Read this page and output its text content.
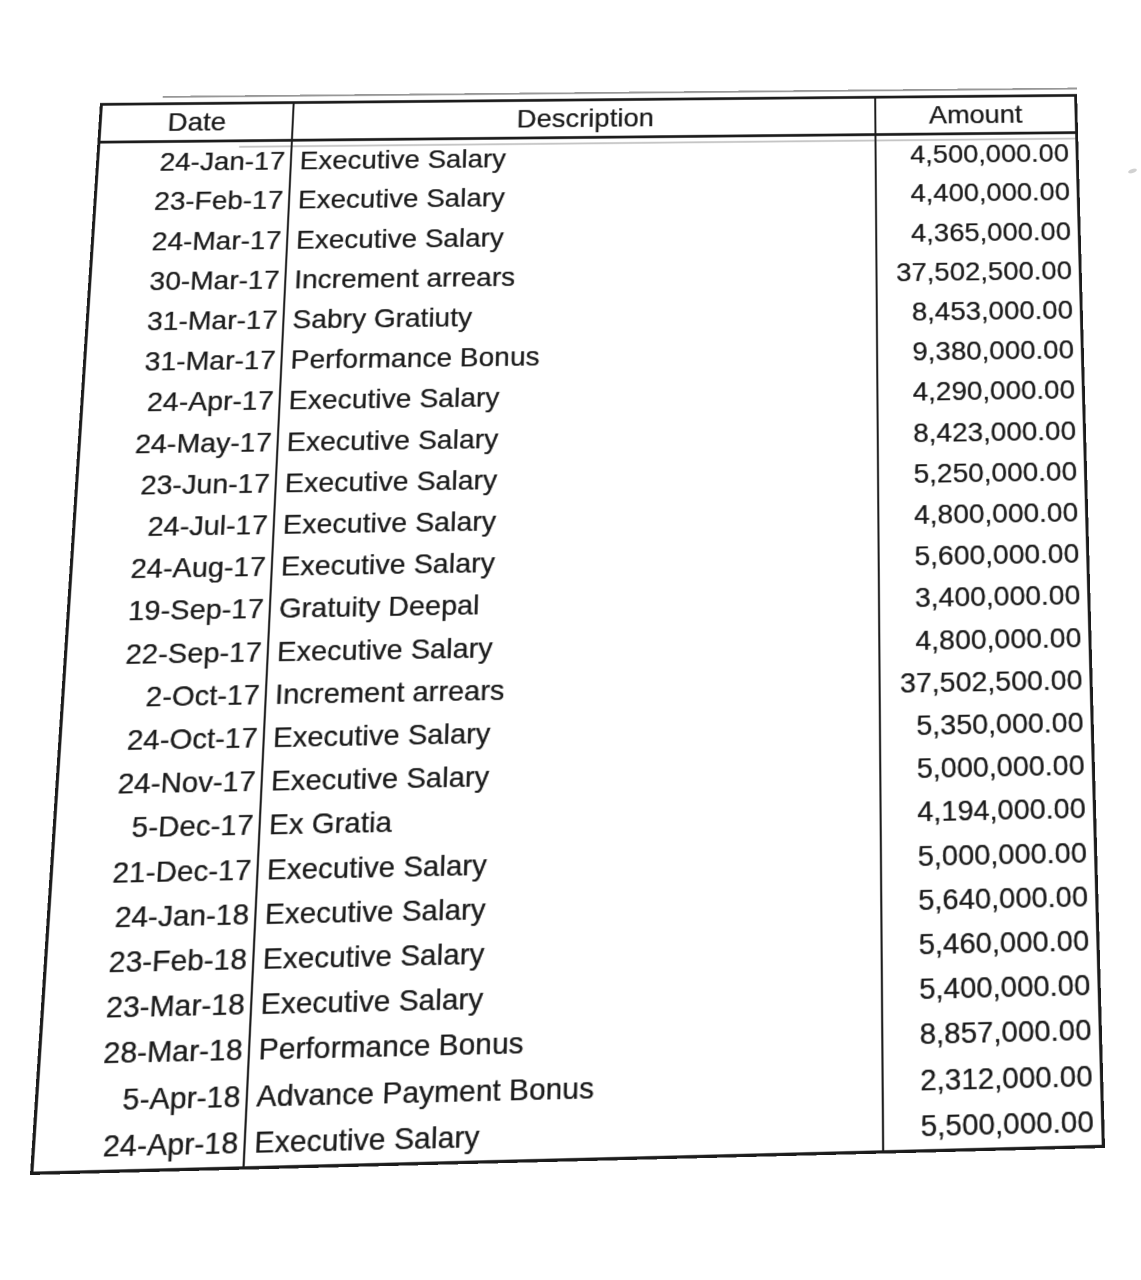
Date	Description	Amount
24-Jan-17 Executive Salary	4,500,000.00
23-Feb-17 Executive Salary	4,400,000.00
24-Mar-17 Executive Salary	4,365,000.00
30-Mar-17 Increment arrears	37,502,500.00
31-Mar-17 Sabry Gratiuty	8,453,000.00
31-Mar-17 Performance Bonus	9,380,000.00
24-Apr-17 Executive Salary	4,290,000.00
24-May-17 Executive Salary	8,423,000.00
23-Jun-17 Executive Salary	5,250,000.00
24-Jul-17 Executive Salary	4,800,000.00
24-Aug-17 Executive Salary	5,600,000.00
19-Sep-17 Gratuity Deepal	3,400,000.00
22-Sep-17 Executive Salary	4,800,000.00
2-Oct-17 Increment arrears	37,502,500.00
24-Oct-17 Executive Salary	5,350,000.00
24-Nov-17 Executive Salary	5,000,000.00
5-Dec-17 Ex Gratia	4,194,000.00
21-Dec-17 Executive Salary	5,000,000.00
24-Jan-18 Executive Salary	5,640,000.00
23-Feb-18 Executive Salary	5,460,000.00
23-Mar-18 Executive Salary	5,400,000.00
28-Mar-18 Performance Bonus	8,857,000.00
5-Apr-18 Advance Payment Bonus	2,312,000.00
24-Apr-18 Executive Salary	5,500,000.00
